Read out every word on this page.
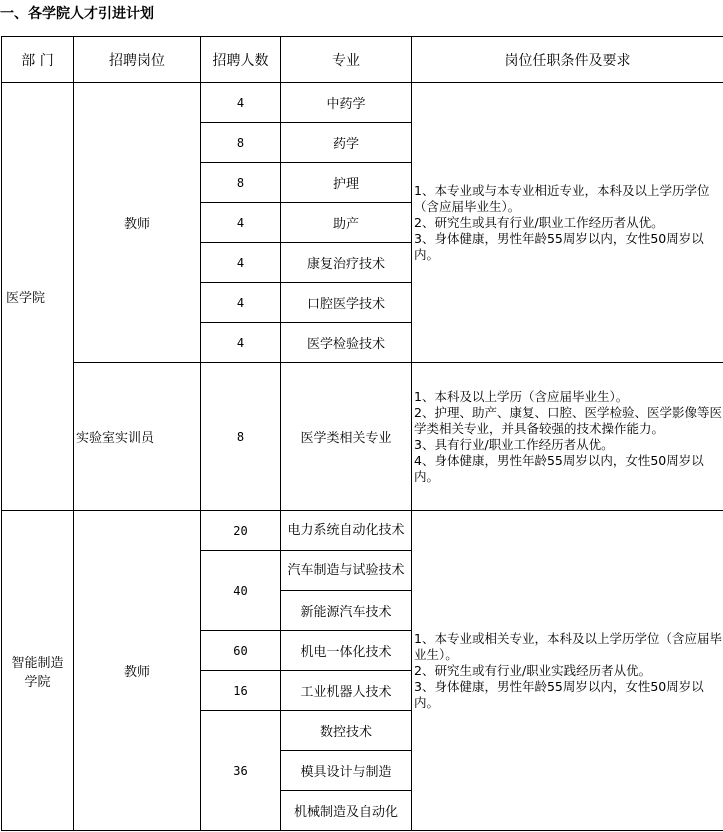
一、各学院人才引进计划
部 门	招聘岗位	招聘人数	专业	岗位任职条件及要求
医学院	教师	4	中药学	1、本专业或与本专业相近专业，本科及以上学历学位（含应届毕业生）。
2、研究生或具有行业/职业工作经历者从优。
3、身体健康，男性年龄55周岁以内，女性50周岁以内。

		8	药学	
		8	护理	
		4	助产	
		4	康复治疗技术	
		4	口腔医学技术	
		4	医学检验技术	
	实验室实训员	8	医学类相关专业	1、本科及以上学历（含应届毕业生）。
2、护理、助产、康复、口腔、医学检验、医学影像等医学类相关专业，并具备较强的技术操作能力。
3、具有行业/职业工作经历者从优。
4、身体健康，男性年龄55周岁以内，女性50周岁以内。

智能制造学院	教师	20	电力系统自动化技术	1、本专业或相关专业，本科及以上学历学位（含应届毕业生）。
2、研究生或有行业/职业实践经历者从优。
3、身体健康，男性年龄55周岁以内，女性50周岁以内。

		40	汽车制造与试验技术	
			新能源汽车技术	
		60	机电一体化技术	
		16	工业机器人技术	
		36	数控技术	
			模具设计与制造	
			机械制造及自动化	
